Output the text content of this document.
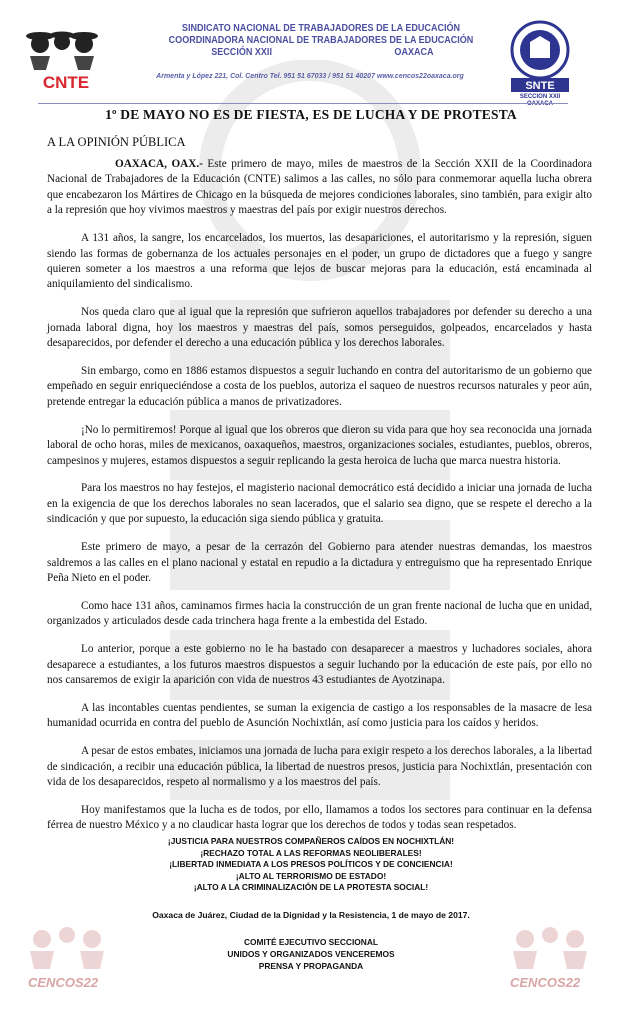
CNTE
SINDICATO NACIONAL DE TRABAJADORES DE LA EDUCACIÓN
COORDINADORA NACIONAL DE TRABAJADORES DE LA EDUCACIÓN
SECCIÓN XXII	OAXACA
Armenta y López 221, Col. Centro Tel. 951 51 67033 / 951 51 40207 www.cencos22oaxaca.org
SNTE
SECCION XXII
1º DE MAYO NO ES DE FIESTA, ES DE LUCHA Y DE PROTESTA
A LA OPINIÓN PÚBLICA

OAXACA, OAX.- Este primero de mayo, miles de maestros de la Sección XXII de la Coordinadora Nacional de Trabajadores de la Educación (CNTE) salimos a las calles, no sólo para conmemorar aquella lucha obrera que encabezaron los Mártires de Chicago en la búsqueda de mejores condiciones laborales, sino también, para exigir alto a la represión que hoy vivimos maestros y maestras del país por exigir nuestros derechos.

A 131 años, la sangre, los encarcelados, los muertos, las desapariciones, el autoritarismo y la represión, siguen siendo las formas de gobernanza de los actuales personajes en el poder, un grupo de dictadores que a fuego y sangre quieren someter a los maestros a una reforma que lejos de buscar mejoras para la educación, está encaminada al aniquilamiento del sindicalismo.

Nos queda claro que al igual que la represión que sufrieron aquellos trabajadores por defender su derecho a una jornada laboral digna, hoy los maestros y maestras del país, somos perseguidos, golpeados, encarcelados y hasta desaparecidos, por defender el derecho a una educación pública y los derechos laborales.

Sin embargo, como en 1886 estamos dispuestos a seguir luchando en contra del autoritarismo de un gobierno que empeñado en seguir enriqueciéndose a costa de los pueblos, autoriza el saqueo de nuestros recursos naturales y peor aún, pretende entregar la educación pública a manos de privatizadores.

¡No lo permitiremos! Porque al igual que los obreros que dieron su vida para que hoy sea reconocida una jornada laboral de ocho horas, miles de mexicanos, oaxaqueños, maestros, organizaciones sociales, estudiantes, pueblos, obreros, campesinos y mujeres, estamos dispuestos a seguir replicando la gesta heroica de lucha que marca nuestra historia.

Para los maestros no hay festejos, el magisterio nacional democrático está decidido a iniciar una jornada de lucha en la exigencia de que los derechos laborales no sean lacerados, que el salario sea digno, que se respete el derecho a la sindicación y que por supuesto, la educación siga siendo pública y gratuita.

Este primero de mayo, a pesar de la cerrazón del Gobierno para atender nuestras demandas, los maestros saldremos a las calles en el plano nacional y estatal en repudio a la dictadura y entreguismo que ha representado Enrique Peña Nieto en el poder.

Como hace 131 años, caminamos firmes hacia la construcción de un gran frente nacional de lucha que en unidad, organizados y articulados desde cada trinchera haga frente a la embestida del Estado.

Lo anterior, porque a este gobierno no le ha bastado con desaparecer a maestros y luchadores sociales, ahora desaparece a estudiantes, a los futuros maestros dispuestos a seguir luchando por la educación de este país, por ello no nos cansaremos de exigir la aparición con vida de nuestros 43 estudiantes de Ayotzinapa.

A las incontables cuentas pendientes, se suman la exigencia de castigo a los responsables de la masacre de lesa humanidad ocurrida en contra del pueblo de Asunción Nochixtlán, así como justicia para los caídos y heridos.

A pesar de estos embates, iniciamos una jornada de lucha para exigir respeto a los derechos laborales, a la libertad de sindicación, a recibir una educación pública, la libertad de nuestros presos, justicia para Nochixtlán, presentación con vida de los desaparecidos, respeto al normalismo y a los maestros del país.

Hoy manifestamos que la lucha es de todos, por ello, llamamos a todos los sectores para continuar en la defensa férrea de nuestro México y a no claudicar hasta lograr que los derechos de todos y todas sean respetados.

¡JUSTICIA PARA NUESTROS COMPAÑEROS CAÍDOS EN NOCHIXTLÁN!
¡RECHAZO TOTAL A LAS REFORMAS NEOLIBERALES!
¡LIBERTAD INMEDIATA A LOS PRESOS POLÍTICOS Y DE CONCIENCIA!
¡ALTO AL TERRORISMO DE ESTADO!
¡ALTO A LA CRIMINALIZACIÓN DE LA PROTESTA SOCIAL!
Oaxaca de Juárez, Ciudad de la Dignidad y la Resistencia, 1 de mayo de 2017.
COMITÉ EJECUTIVO SECCIONAL
UNIDOS Y ORGANIZADOS VENCEREMOS
PRENSA Y PROPAGANDA
CENCOS22	CENCOS22
